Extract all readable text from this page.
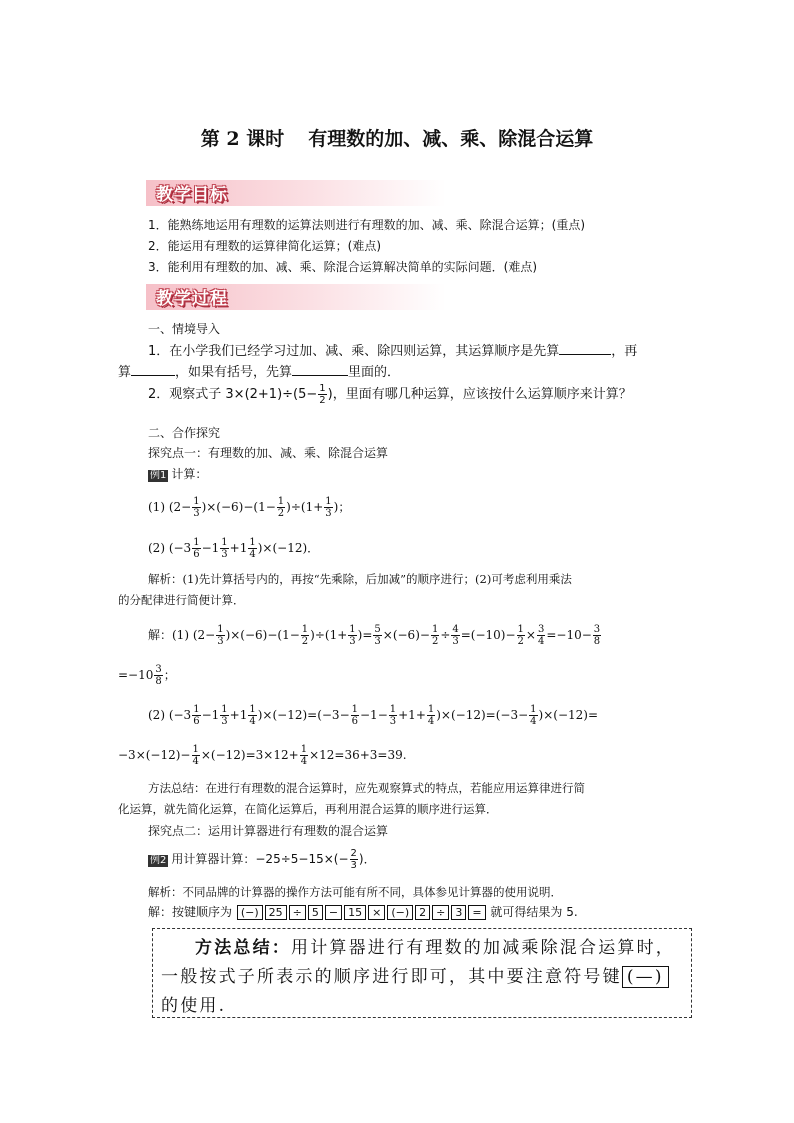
第 2 课时 有理数的加、减、乘、除混合运算
教学目标
1．能熟练地运用有理数的运算法则进行有理数的加、减、乘、除混合运算；(重点)
2．能运用有理数的运算律简化运算；(难点)
3．能利用有理数的加、减、乘、除混合运算解决简单的实际问题．(难点)
教学过程
一、情境导入
1．在小学我们已经学习过加、减、乘、除四则运算，其运算顺序是先算	，再
算	，如果有括号，先算	里面的．
2．观察式子 $3\times(2+1)\div(5- \frac{1}{2}$ )，里面有哪几种运算，应该按什么运算顺序来计算？
二、合作探究
探究点一：有理数的加、减、乘、除混合运算
例1 计算：
(1) $(2- \frac{1}{3} )\times(-6)-(1- \frac{1}{2} )\div(1+ \frac{1}{3}$ )；
(2) $(-3 \frac{1}{6} -1 \frac{1}{3} +1 \frac{1}{4} )\times(-12)$．
解析：(1)先计算括号内的，再按“先乘除，后加减”的顺序进行；(2)可考虑利用乘法
的分配律进行简便计算．
解：(1) $(2- \frac{1}{3} )\times(-6)-(1- \frac{1}{2} )\div(1+ \frac{1}{3}$ )= $\frac{5}{3} \times(-6)- \frac{1}{2} \div \frac{4}{3} =(-10)- \frac{1}{2} \times \frac{3}{4} =-10- \frac{3}{8}$
$=-10 \frac{3}{8}$ ；
(2) $(-3 \frac{1}{6} -1 \frac{1}{3} +1 \frac{1}{4} )\times(-12)=(-3- \frac{1}{6} -1- \frac{1}{3} +1+ \frac{1}{4} )\times(-12)=(-3- \frac{1}{4} )\times(-12)=$
$-3\times(-12)- \frac{1}{4} \times(-12)=3\times 12+ \frac{1}{4} \times 12=36+3=39$.
方法总结：在进行有理数的混合运算时，应先观察算式的特点，若能应用运算律进行简
化运算，就先简化运算，在简化运算后，再利用混合运算的顺序进行运算．
探究点二：运用计算器进行有理数的混合运算
例2 用计算器计算：$-25\div 5-15\times(- \frac{2}{3}$ )．
解析：不同品牌的计算器的操作方法可能有所不同，具体参见计算器的使用说明．
解：按键顺序为 (−) 25 ÷ 5 − 15 × (−) 2 ÷ 3 = 就可得结果为 5.
方法总结：用计算器进行有理数的加减乘除混合运算时，
一般按式子所表示的顺序进行即可，其中要注意符号键 (—)
的使用.
